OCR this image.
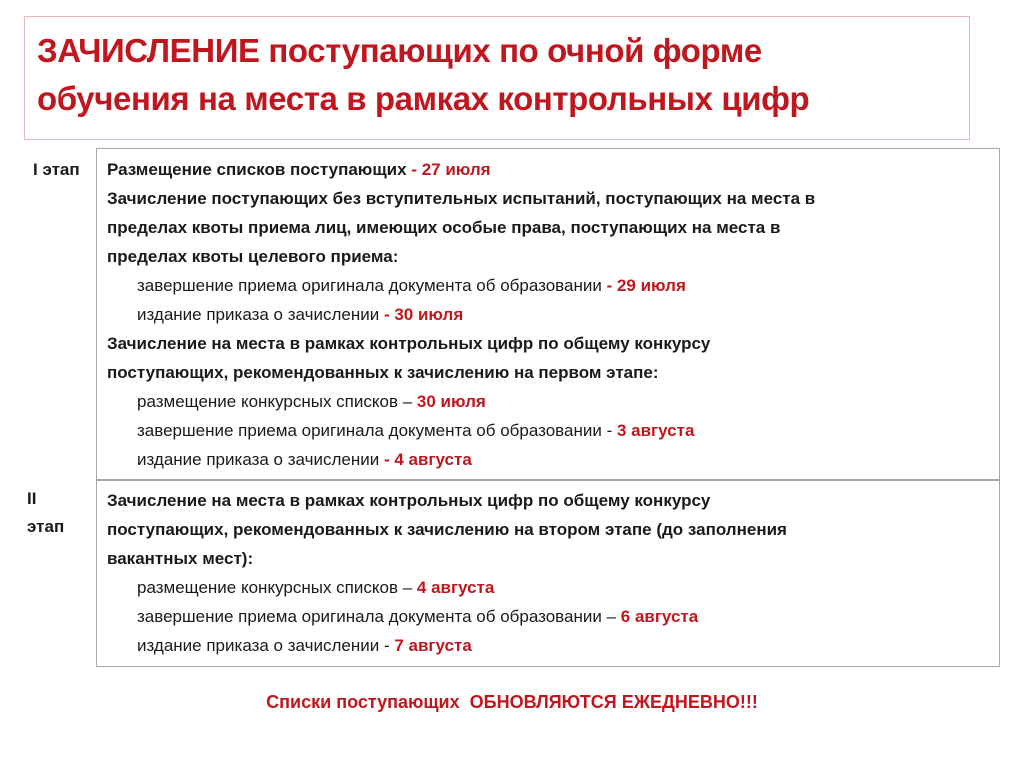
ЗАЧИСЛЕНИЕ поступающих по очной форме
обучения на места в рамках контрольных цифр
I этап Размещение списков поступающих - 27 июля
Зачисление поступающих без вступительных испытаний, поступающих на места в
пределах квоты приема лиц, имеющих особые права, поступающих на места в
пределах квоты целевого приема:
завершение приема оригинала документа об образовании - 29 июля
издание приказа о зачислении - 30 июля
Зачисление на места в рамках контрольных цифр по общему конкурсу
поступающих, рекомендованных к зачислению на первом этапе:
размещение конкурсных списков – 30 июля
завершение приема оригинала документа об образовании - 3 августа
издание приказа о зачислении - 4 августа
II
этап
Зачисление на места в рамках контрольных цифр по общему конкурсу
поступающих, рекомендованных к зачислению на втором этапе (до заполнения
вакантных мест):
размещение конкурсных списков – 4 августа
завершение приема оригинала документа об образовании – 6 августа
издание приказа о зачислении - 7 августа
Списки поступающих  ОБНОВЛЯЮТСЯ ЕЖЕДНЕВНО!!!
